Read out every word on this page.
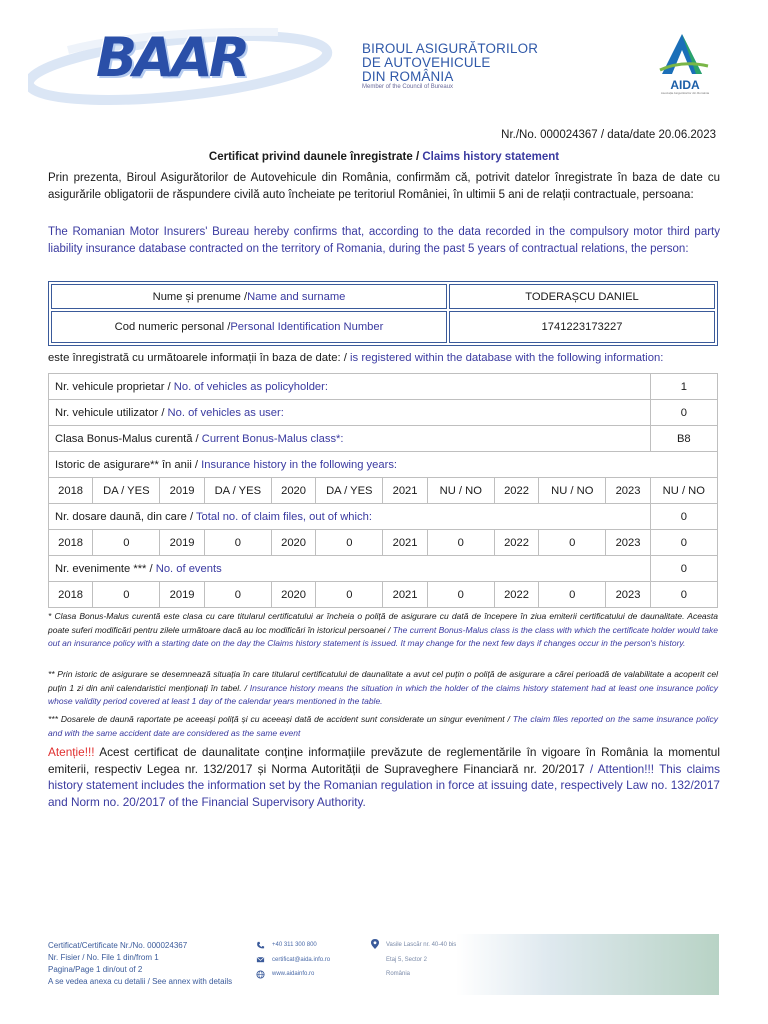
BAAR	BIROUL ASIGURĂTORILOR
DE AUTOVEHICULE
DIN ROMÂNIA
Member of the Council of Bureaux	AIDA
Asociația Asigurătorilor din România
Nr./No. 000024367 / data/date 20.06.2023
Certificat privind daunele înregistrate / Claims history statement
Prin prezenta, Biroul Asigurătorilor de Autovehicule din România, confirmăm că, potrivit datelor înregistrate în baza de date cu asigurările obligatorii de răspundere civilă auto încheiate pe teritoriul României, în ultimii 5 ani de relații contractuale, persoana:
The Romanian Motor Insurers' Bureau hereby confirms that, according to the data recorded in the compulsory motor third party liability insurance database contracted on the territory of Romania, during the past 5 years of contractual relations, the person:
Nume și prenume / Name and surname	TODERAȘCU DANIEL
Cod numeric personal / Personal Identification Number	1741223173227
este înregistrată cu următoarele informații în baza de date: / is registered within the database with the following information:
Nr. vehicule proprietar / No. of vehicles as policyholder:											1
Nr. vehicule utilizator / No. of vehicles as user:											0
Clasa Bonus-Malus curentă / Current Bonus-Malus class*:											B8
Istoric de asigurare** în anii / Insurance history in the following years:											
2018	DA / YES	2019	DA / YES	2020	DA / YES	2021	NU / NO	2022	NU / NO	2023	NU / NO
Nr. dosare daună, din care / Total no. of claim files, out of which:											0
2018	0	2019	0	2020	0	2021	0	2022	0	2023	0
Nr. evenimente *** / No. of events											0
2018	0	2019	0	2020	0	2021	0	2022	0	2023	0
* Clasa Bonus-Malus curentă este clasa cu care titularul certificatului ar încheia o poliță de asigurare cu dată de începere în ziua emiterii certificatului de daunalitate. Aceasta poate suferi modificări pentru zilele următoare dacă au loc modificări în istoricul persoanei / The current Bonus-Malus class is the class with which the certificate holder would take out an insurance policy with a starting date on the day the Claims history statement is issued. It may change for the next few days if changes occur in the person's history.
** Prin istoric de asigurare se desemnează situația în care titularul certificatului de daunalitate a avut cel puțin o poliță de asigurare a cărei perioadă de valabilitate a acoperit cel puțin 1 zi din anii calendaristici menționați în tabel. / Insurance history means the situation in which the holder of the claims history statement had at least one insurance policy whose validity period covered at least 1 day of the calendar years mentioned in the table.
*** Dosarele de daună raportate pe aceeași poliță și cu aceeași dată de accident sunt considerate un singur eveniment / The claim files reported on the same insurance policy and with the same accident date are considered as the same event
Atenție!!! Acest certificat de daunalitate conține informațiile prevăzute de reglementările în vigoare în România la momentul emiterii, respectiv Legea nr. 132/2017 și Norma Autorității de Supraveghere Financiară nr. 20/2017 / Attention!!! This claims history statement includes the information set by the Romanian regulation in force at issuing date, respectively Law no. 132/2017 and Norm no. 20/2017 of the Financial Supervisory Authority.
Certificat/Certificate Nr./No. 000024367
Nr. Fisier / No. File 1 din/from 1
Pagina/Page 1 din/out of 2
A se vedea anexa cu detalii / See annex with details
+40 311 300 800
certificat@aida.info.ro
www.aidainfo.ro
Vasile Lascăr nr. 40-40 bis
Etaj 5, Sector 2
România
